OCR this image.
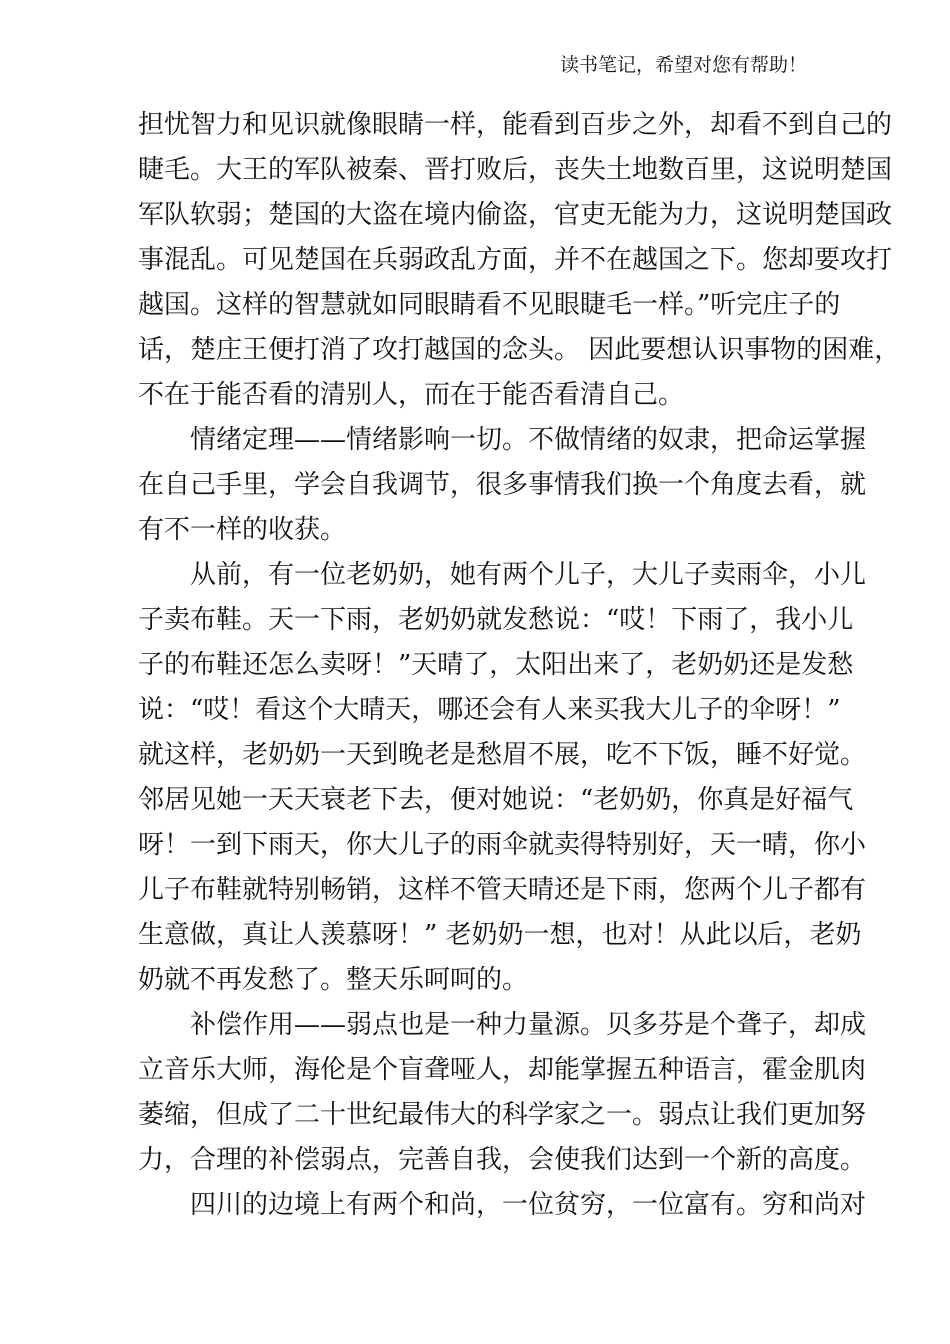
读书笔记，希望对您有帮助！
担忧智力和见识就像眼睛一样，能看到百步之外，却看不到自己的
睫毛。大王的军队被秦、晋打败后，丧失土地数百里，这说明楚国
军队软弱；楚国的大盗在境内偷盗，官吏无能为力，这说明楚国政
事混乱。可见楚国在兵弱政乱方面，并不在越国之下。您却要攻打
越国。这样的智慧就如同眼睛看不见眼睫毛一样。”听完庄子的
话，楚庄王便打消了攻打越国的念头。 因此要想认识事物的困难，
不在于能否看的清别人，而在于能否看清自己。
情绪定理——情绪影响一切。不做情绪的奴隶，把命运掌握
在自己手里，学会自我调节，很多事情我们换一个角度去看，就
有不一样的收获。
从前，有一位老奶奶，她有两个儿子，大儿子卖雨伞，小儿
子卖布鞋。天一下雨，老奶奶就发愁说：“哎！下雨了，我小儿
子的布鞋还怎么卖呀！”天晴了，太阳出来了，老奶奶还是发愁
说：“哎！看这个大晴天，哪还会有人来买我大儿子的伞呀！”
就这样，老奶奶一天到晚老是愁眉不展，吃不下饭，睡不好觉。
邻居见她一天天衰老下去，便对她说：“老奶奶，你真是好福气
呀！一到下雨天，你大儿子的雨伞就卖得特别好，天一晴，你小
儿子布鞋就特别畅销，这样不管天晴还是下雨，您两个儿子都有
生意做，真让人羡慕呀！” 老奶奶一想，也对！从此以后，老奶
奶就不再发愁了。整天乐呵呵的。
补偿作用——弱点也是一种力量源。贝多芬是个聋子，却成
立音乐大师，海伦是个盲聋哑人，却能掌握五种语言，霍金肌肉
萎缩，但成了二十世纪最伟大的科学家之一。弱点让我们更加努
力，合理的补偿弱点，完善自我，会使我们达到一个新的高度。
四川的边境上有两个和尚，一位贫穷，一位富有。穷和尚对
